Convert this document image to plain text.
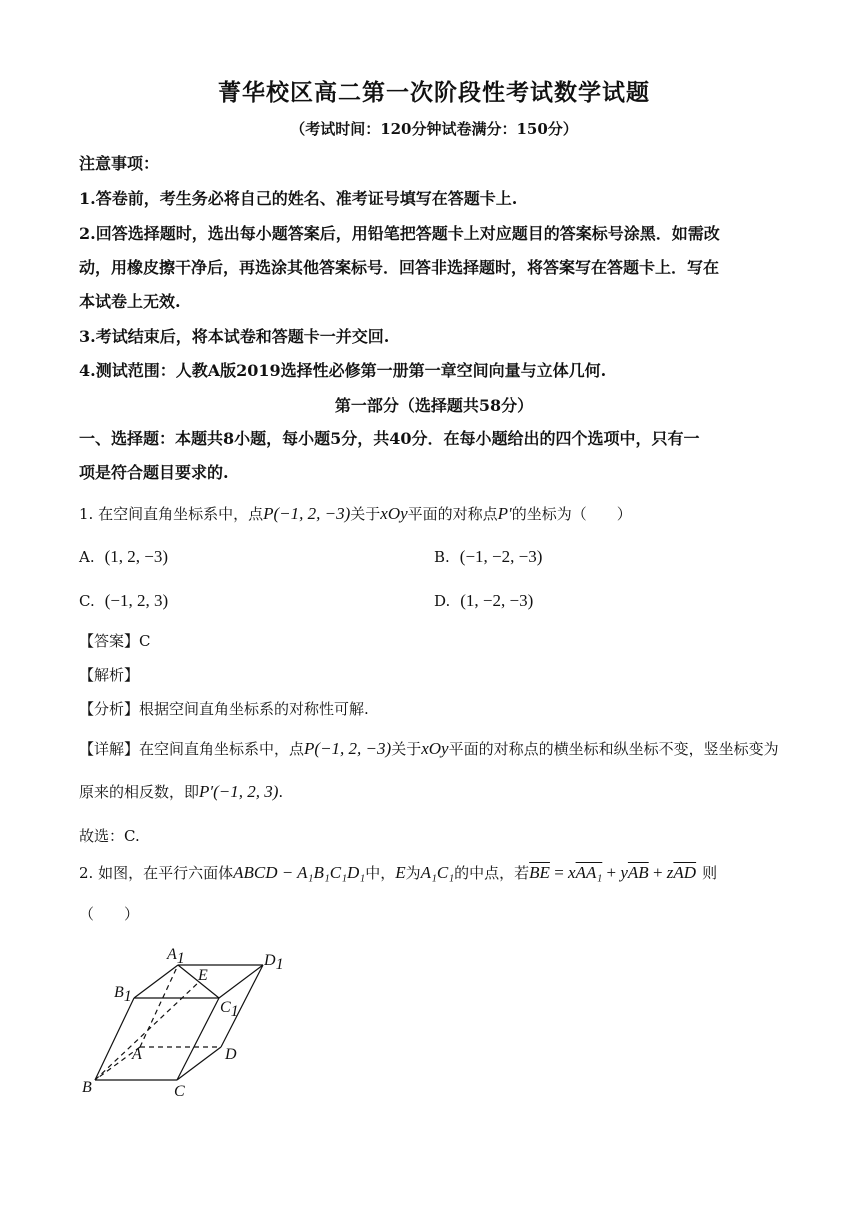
菁华校区高二第一次阶段性考试数学试题
（考试时间：120分钟试卷满分：150分）
注意事项：
1.答卷前，考生务必将自己的姓名、准考证号填写在答题卡上.
2.回答选择题时，选出每小题答案后，用铅笔把答题卡上对应题目的答案标号涂黑．如需改
动，用橡皮擦干净后，再选涂其他答案标号．回答非选择题时，将答案写在答题卡上．写在
本试卷上无效.
3.考试结束后，将本试卷和答题卡一并交回.
4.测试范围：人教A版2019选择性必修第一册第一章空间向量与立体几何.
第一部分（选择题共58分）
一、选择题：本题共8小题，每小题5分，共40分．在每小题给出的四个选项中，只有一
项是符合题目要求的.
1. 在空间直角坐标系中，点P(−1, 2, −3)关于xOy平面的对称点P′的坐标为（　　）
A. (1, 2, −3)	B. (−1, −2, −3)
C. (−1, 2, 3)	D. (1, −2, −3)
【答案】C
【解析】
【分析】根据空间直角坐标系的对称性可解.
【详解】在空间直角坐标系中，点P(−1, 2, −3)关于xOy平面的对称点的横坐标和纵坐标不变，竖坐标变为
原来的相反数，即P′(−1, 2, 3).
故选：C.
2. 如图，在平行六面体ABCD − A₁B₁C₁D₁中，E为A₁C₁的中点，若$\overline{BE} = xAA_1 + y\overline{AB} + z\overline{AD}$ 则
（　　）
A1
E
D1
B1
C1
A	D
B	C
